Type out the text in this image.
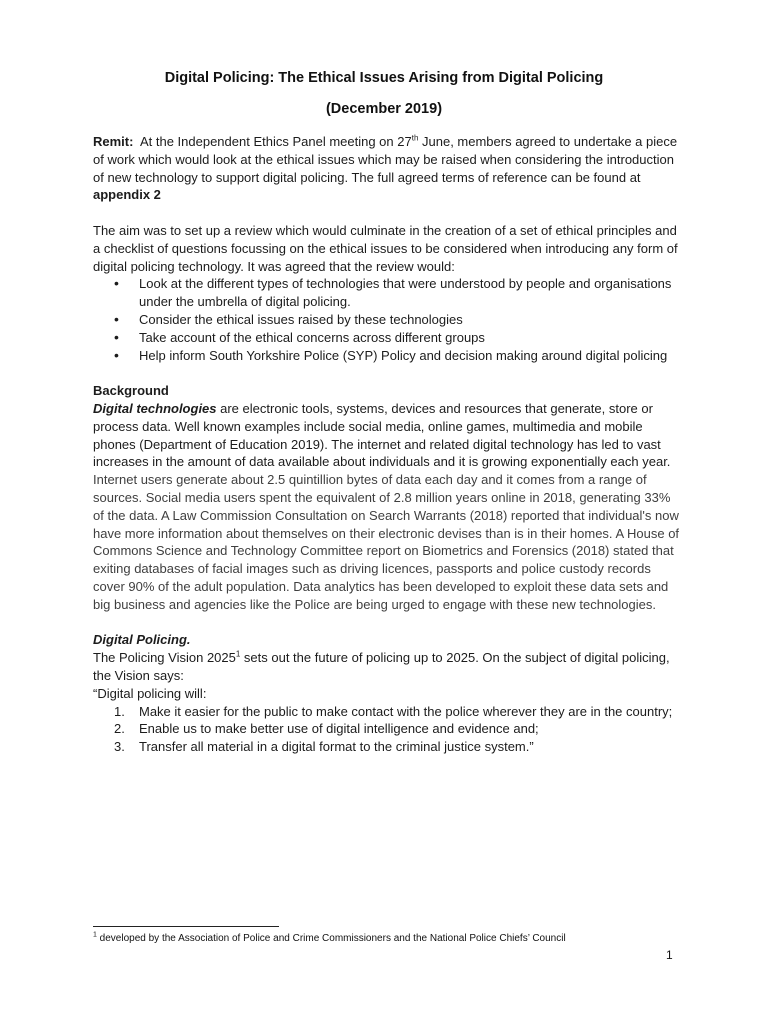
Digital Policing: The Ethical Issues Arising from Digital Policing
(December 2019)

Remit: At the Independent Ethics Panel meeting on 27th June, members agreed to undertake a piece of work which would look at the ethical issues which may be raised when considering the introduction of new technology to support digital policing. The full agreed terms of reference can be found at appendix 2

The aim was to set up a review which would culminate in the creation of a set of ethical principles and a checklist of questions focussing on the ethical issues to be considered when introducing any form of digital policing technology. It was agreed that the review would:

• Look at the different types of technologies that were understood by people and organisations under the umbrella of digital policing.
• Consider the ethical issues raised by these technologies
• Take account of the ethical concerns across different groups
• Help inform South Yorkshire Police (SYP) Policy and decision making around digital policing

Background

Digital technologies are electronic tools, systems, devices and resources that generate, store or process data. Well known examples include social media, online games, multimedia and mobile phones (Department of Education 2019). The internet and related digital technology has led to vast increases in the amount of data available about individuals and it is growing exponentially each year. Internet users generate about 2.5 quintillion bytes of data each day and it comes from a range of sources. Social media users spent the equivalent of 2.8 million years online in 2018, generating 33% of the data. A Law Commission Consultation on Search Warrants (2018) reported that individual's now have more information about themselves on their electronic devises than is in their homes. A House of Commons Science and Technology Committee report on Biometrics and Forensics (2018) stated that exiting databases of facial images such as driving licences, passports and police custody records cover 90% of the adult population. Data analytics has been developed to exploit these data sets and big business and agencies like the Police are being urged to engage with these new technologies.

Digital Policing.

The Policing Vision 2025$^1$ sets out the future of policing up to 2025. On the subject of digital policing, the Vision says:

“Digital policing will:

1. Make it easier for the public to make contact with the police wherever they are in the country;
2. Enable us to make better use of digital intelligence and evidence and;
3. Transfer all material in a digital format to the criminal justice system.”
$^1$ developed by the Association of Police and Crime Commissioners and the National Police Chiefs’ Council
1
